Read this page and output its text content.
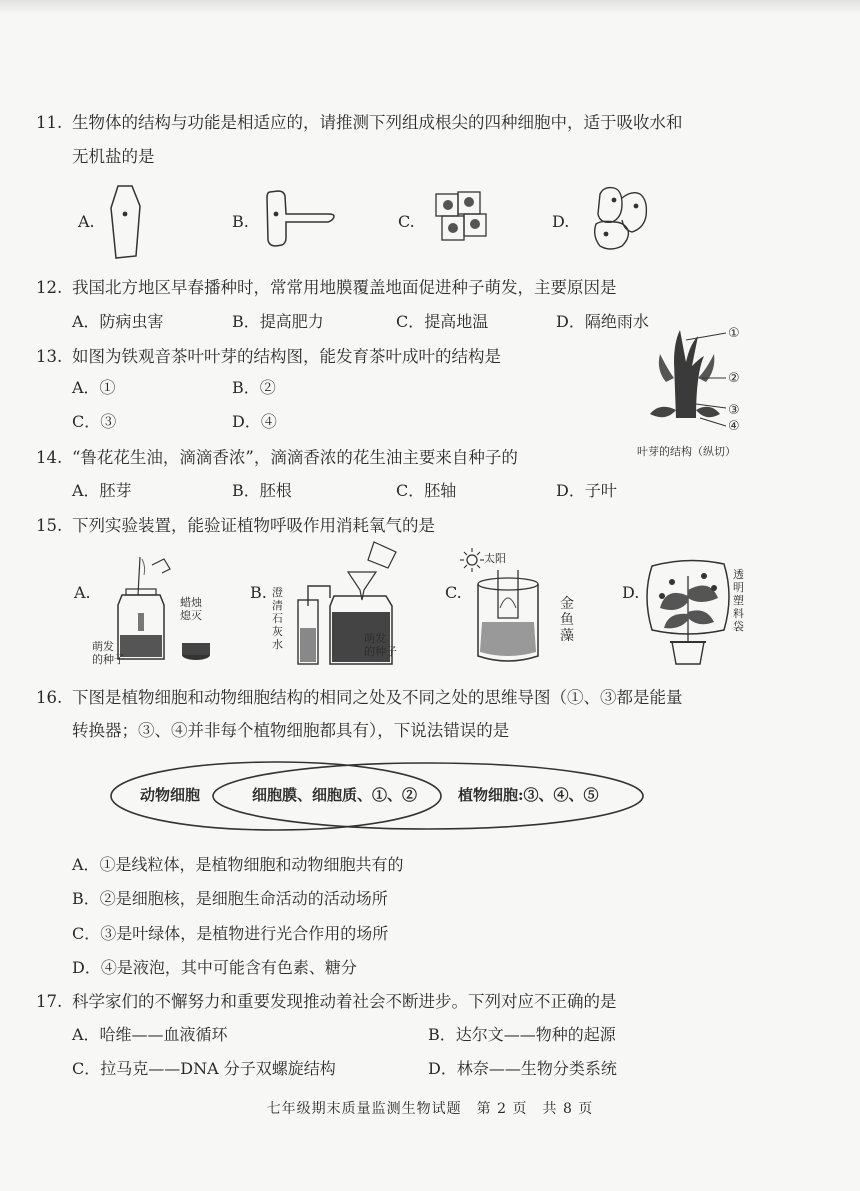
11. 生物体的结构与功能是相适应的，请推测下列组成根尖的四种细胞中，适于吸收水和
无机盐的是
A.	B.	C.	D.
12. 我国北方地区早春播种时，常常用地膜覆盖地面促进种子萌发，主要原因是
A．防病虫害	B．提高肥力	C．提高地温	D．隔绝雨水
13. 如图为铁观音茶叶叶芽的结构图，能发育茶叶成叶的结构是
A．①	B．②
C．③	D．④
①
②
③
④
叶芽的结构（纵切）
14. “鲁花花生油，滴滴香浓”，滴滴香浓的花生油主要来自种子的
A．胚芽	B．胚根	C．胚轴	D．子叶
15. 下列实验装置，能验证植物呼吸作用消耗氧气的是
A.
蜡烛
熄灭
萌发
的种子
B. 澄
清
石
灰
水	萌发
的种子
C.
太阳
金
鱼
藻
D.
透
明
塑
料
袋
16. 下图是植物细胞和动物细胞结构的相同之处及不同之处的思维导图（①、③都是能量
转换器；③、④并非每个植物细胞都具有），下说法错误的是
动物细胞	细胞膜、细胞质、①、②	植物细胞:③、④、⑤
A．①是线粒体，是植物细胞和动物细胞共有的
B．②是细胞核，是细胞生命活动的活动场所
C．③是叶绿体，是植物进行光合作用的场所
D．④是液泡，其中可能含有色素、糖分
17. 科学家们的不懈努力和重要发现推动着社会不断进步。下列对应不正确的是
A．哈维——血液循环	B．达尔文——物种的起源
C．拉马克——DNA 分子双螺旋结构	D．林奈——生物分类系统
七年级期末质量监测生物试题　第 2 页　共 8 页
